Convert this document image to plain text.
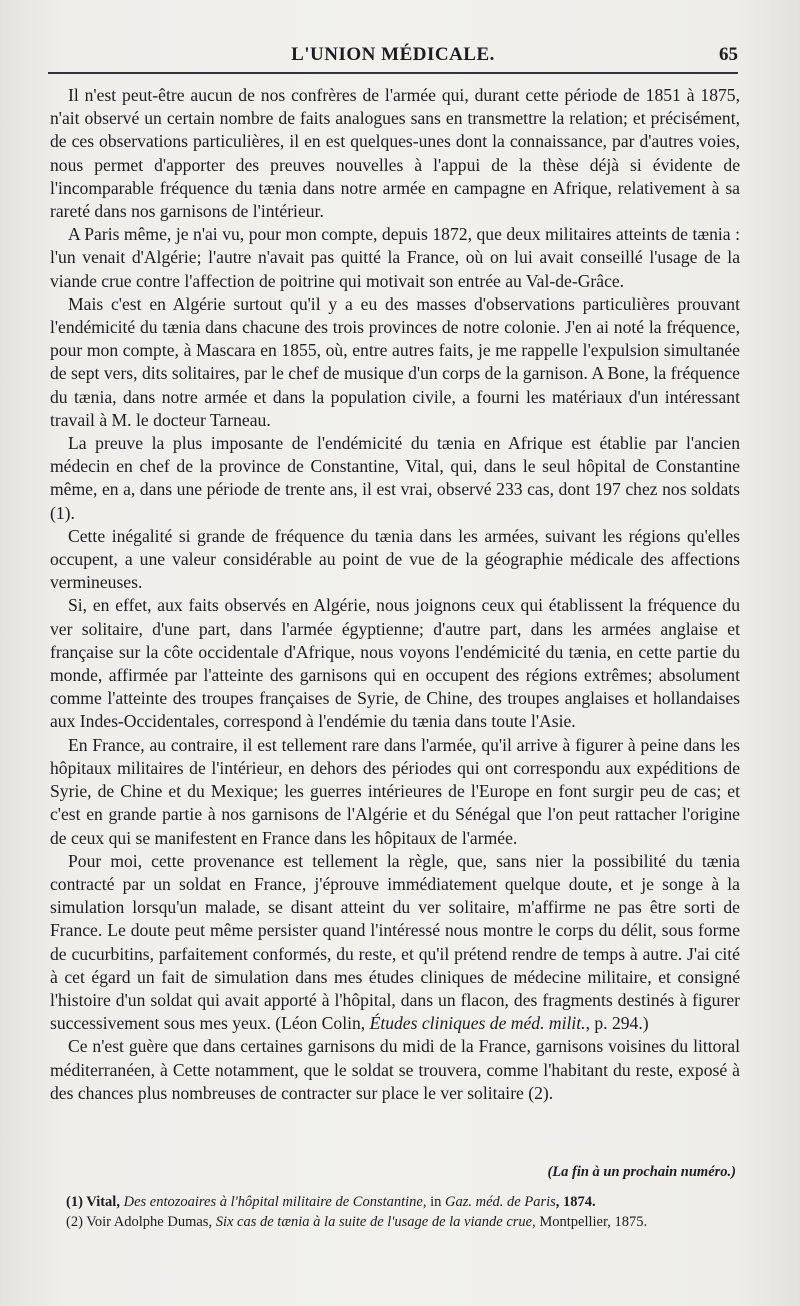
L'UNION MÉDICALE.	65

Il n'est peut-être aucun de nos confrères de l'armée qui, durant cette période de 1851 à 1875, n'ait observé un certain nombre de faits analogues sans en transmettre la relation; et précisément, de ces observations particulières, il en est quelques-unes dont la connaissance, par d'autres voies, nous permet d'apporter des preuves nouvelles à l'appui de la thèse déjà si évidente de l'incomparable fréquence du tænia dans notre armée en campagne en Afrique, relativement à sa rareté dans nos garnisons de l'intérieur.

A Paris même, je n'ai vu, pour mon compte, depuis 1872, que deux militaires atteints de tænia : l'un venait d'Algérie; l'autre n'avait pas quitté la France, où on lui avait conseillé l'usage de la viande crue contre l'affection de poitrine qui motivait son entrée au Val-de-Grâce.

Mais c'est en Algérie surtout qu'il y a eu des masses d'observations particulières prouvant l'endémicité du tænia dans chacune des trois provinces de notre colonie. J'en ai noté la fréquence, pour mon compte, à Mascara en 1855, où, entre autres faits, je me rappelle l'expulsion simultanée de sept vers, dits solitaires, par le chef de musique d'un corps de la garnison. A Bone, la fréquence du tænia, dans notre armée et dans la population civile, a fourni les matériaux d'un intéressant travail à M. le docteur Tarneau.

La preuve la plus imposante de l'endémicité du tænia en Afrique est établie par l'ancien médecin en chef de la province de Constantine, Vital, qui, dans le seul hôpital de Constantine même, en a, dans une période de trente ans, il est vrai, observé 233 cas, dont 197 chez nos soldats (1).

Cette inégalité si grande de fréquence du tænia dans les armées, suivant les régions qu'elles occupent, a une valeur considérable au point de vue de la géographie médicale des affections vermineuses.

Si, en effet, aux faits observés en Algérie, nous joignons ceux qui établissent la fréquence du ver solitaire, d'une part, dans l'armée égyptienne; d'autre part, dans les armées anglaise et française sur la côte occidentale d'Afrique, nous voyons l'endémicité du tænia, en cette partie du monde, affirmée par l'atteinte des garnisons qui en occupent des régions extrêmes; absolument comme l'atteinte des troupes françaises de Syrie, de Chine, des troupes anglaises et hollandaises aux Indes-Occidentales, correspond à l'endémie du tænia dans toute l'Asie.

En France, au contraire, il est tellement rare dans l'armée, qu'il arrive à figurer à peine dans les hôpitaux militaires de l'intérieur, en dehors des périodes qui ont correspondu aux expéditions de Syrie, de Chine et du Mexique; les guerres intérieures de l'Europe en font surgir peu de cas; et c'est en grande partie à nos garnisons de l'Algérie et du Sénégal que l'on peut rattacher l'origine de ceux qui se manifestent en France dans les hôpitaux de l'armée.

Pour moi, cette provenance est tellement la règle, que, sans nier la possibilité du tænia contracté par un soldat en France, j'éprouve immédiatement quelque doute, et je songe à la simulation lorsqu'un malade, se disant atteint du ver solitaire, m'affirme ne pas être sorti de France. Le doute peut même persister quand l'intéressé nous montre le corps du délit, sous forme de cucurbitins, parfaitement conformés, du reste, et qu'il prétend rendre de temps à autre. J'ai cité à cet égard un fait de simulation dans mes études cliniques de médecine militaire, et consigné l'histoire d'un soldat qui avait apporté à l'hôpital, dans un flacon, des fragments destinés à figurer successivement sous mes yeux. (Léon Colin, Études cliniques de méd. milit., p. 294.)

Ce n'est guère que dans certaines garnisons du midi de la France, garnisons voisines du littoral méditerranéen, à Cette notamment, que le soldat se trouvera, comme l'habitant du reste, exposé à des chances plus nombreuses de contracter sur place le ver solitaire (2).

(La fin à un prochain numéro.)

(1) Vital, Des entozoaires à l'hôpital militaire de Constantine, in Gaz. méd. de Paris, 1874.

(2) Voir Adolphe Dumas, Six cas de tænia à la suite de l'usage de la viande crue, Montpellier, 1875.
